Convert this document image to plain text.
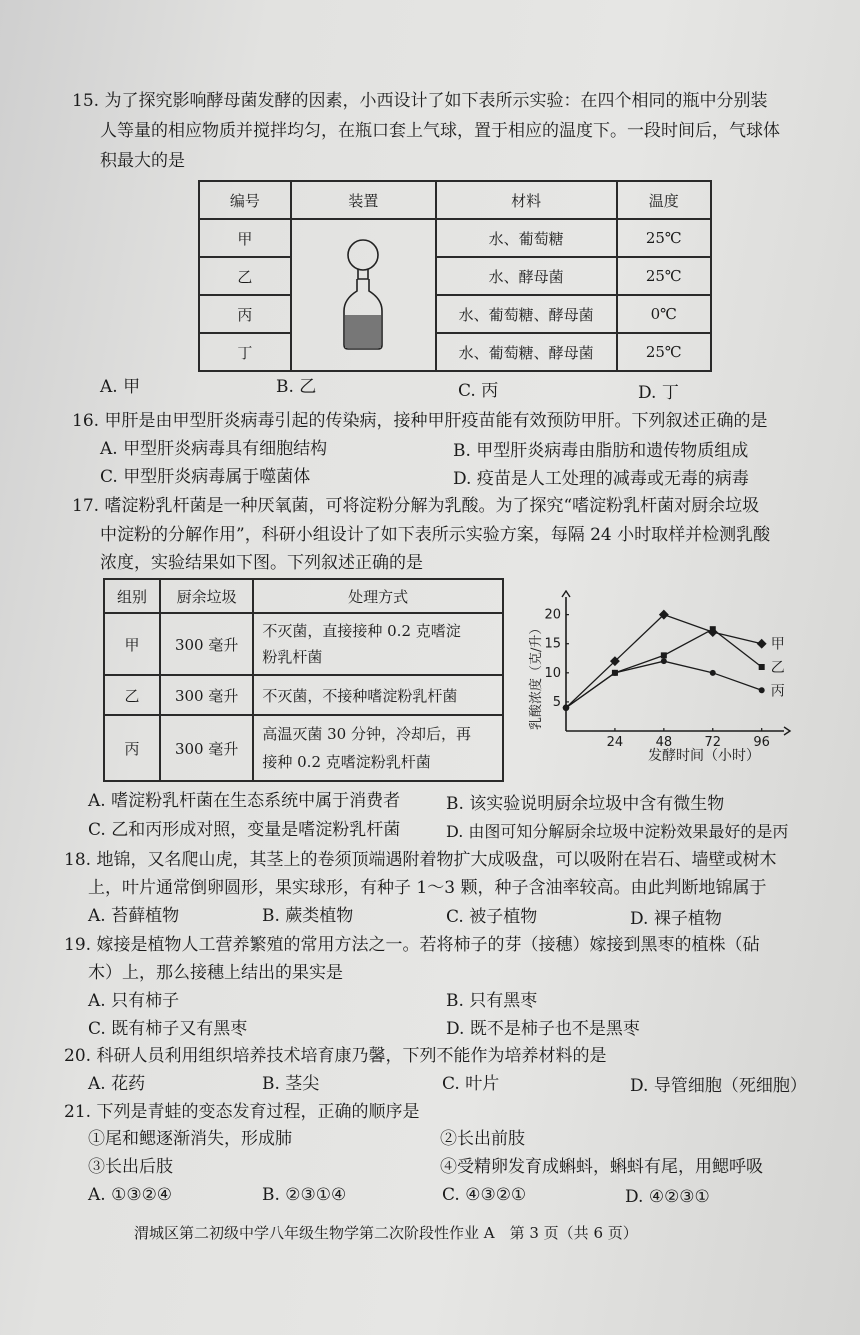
15. 为了探究影响酵母菌发酵的因素，小西设计了如下表所示实验：在四个相同的瓶中分别装
人等量的相应物质并搅拌均匀，在瓶口套上气球，置于相应的温度下。一段时间后，气球体
积最大的是
编号	装置	材料	温度
甲		水、葡萄糖	25℃
乙		水、酵母菌	25℃
丙		水、葡萄糖、酵母菌	0℃
丁		水、葡萄糖、酵母菌	25℃
A. 甲	B. 乙	C. 丙	D. 丁
16. 甲肝是由甲型肝炎病毒引起的传染病，接种甲肝疫苗能有效预防甲肝。下列叙述正确的是
A. 甲型肝炎病毒具有细胞结构	B. 甲型肝炎病毒由脂肪和遗传物质组成
C. 甲型肝炎病毒属于噬菌体	D. 疫苗是人工处理的减毒或无毒的病毒
17. 嗜淀粉乳杆菌是一种厌氧菌，可将淀粉分解为乳酸。为了探究“嗜淀粉乳杆菌对厨余垃圾
中淀粉的分解作用”，科研小组设计了如下表所示实验方案，每隔 24 小时取样并检测乳酸
浓度，实验结果如下图。下列叙述正确的是
组别	厨余垃圾	处理方式
甲	300 毫升	不灭菌，直接接种 0.2 克嗜淀
粉乳杆菌

乙	300 毫升	不灭菌，不接种嗜淀粉乳杆菌

丙	300 毫升	高温灭菌 30 分钟，冷却后，再
接种 0.2 克嗜淀粉乳杆菌
乳酸浓度（克/升）
发酵时间（小时）
24 48 72 96
5
10
15
20
甲
乙
丙
A. 嗜淀粉乳杆菌在生态系统中属于消费者	B. 该实验说明厨余垃圾中含有微生物
C. 乙和丙形成对照，变量是嗜淀粉乳杆菌	D. 由图可知分解厨余垃圾中淀粉效果最好的是丙
18. 地锦，又名爬山虎，其茎上的卷须顶端遇附着物扩大成吸盘，可以吸附在岩石、墙壁或树木
上，叶片通常倒卵圆形，果实球形，有种子 1～3 颗，种子含油率较高。由此判断地锦属于
A. 苔藓植物	B. 蕨类植物	C. 被子植物	D. 裸子植物
19. 嫁接是植物人工营养繁殖的常用方法之一。若将柿子的芽（接穗）嫁接到黑枣的植株（砧
木）上，那么接穗上结出的果实是
A. 只有柿子	B. 只有黑枣
C. 既有柿子又有黑枣	D. 既不是柿子也不是黑枣
20. 科研人员利用组织培养技术培育康乃馨，下列不能作为培养材料的是
A. 花药	B. 茎尖	C. 叶片	D. 导管细胞（死细胞）
21. 下列是青蛙的变态发育过程，正确的顺序是
①尾和鳃逐渐消失，形成肺	②长出前肢
③长出后肢	④受精卵发育成蝌蚪，蝌蚪有尾，用鳃呼吸
A. ①③②④	B. ②③①④	C. ④③②①	D. ④②③①
渭城区第二初级中学八年级生物学第二次阶段性作业 A　第 3 页（共 6 页）
